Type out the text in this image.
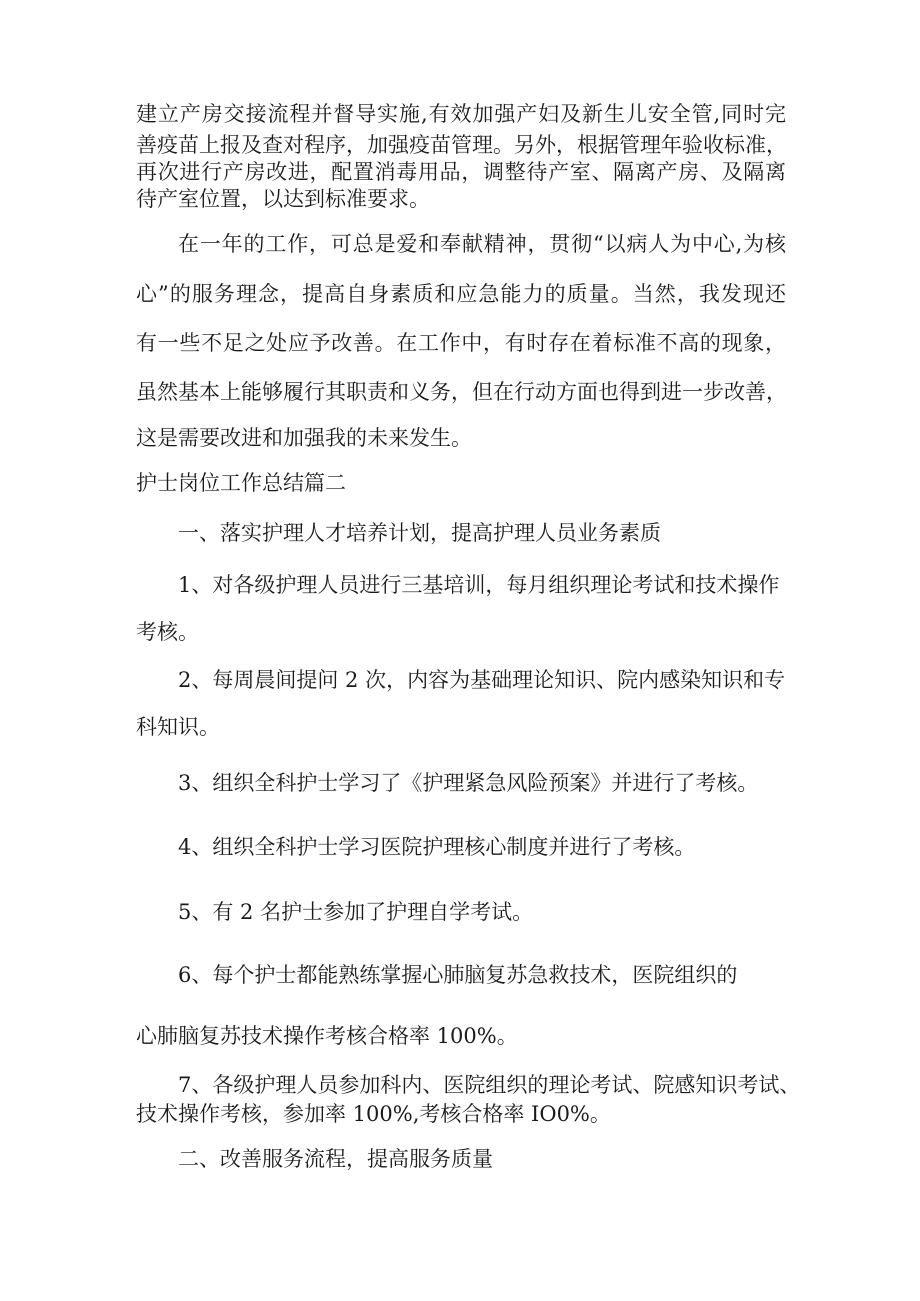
建立产房交接流程并督导实施,有效加强产妇及新生儿安全管,同时完

善疫苗上报及查对程序，加强疫苗管理。另外，根据管理年验收标准，

再次进行产房改进，配置消毒用品，调整待产室、隔离产房、及隔离

待产室位置，以达到标准要求。

在一年的工作，可总是爱和奉献精神，贯彻“以病人为中心,为核

心”的服务理念，提高自身素质和应急能力的质量。当然，我发现还

有一些不足之处应予改善。在工作中，有时存在着标准不高的现象，

虽然基本上能够履行其职责和义务，但在行动方面也得到进一步改善，

这是需要改进和加强我的未来发生。

护士岗位工作总结篇二

一、落实护理人才培养计划，提高护理人员业务素质

1、对各级护理人员进行三基培训，每月组织理论考试和技术操作

考核。

2、每周晨间提问 2 次，内容为基础理论知识、院内感染知识和专

科知识。

3、组织全科护士学习了《护理紧急风险预案》并进行了考核。

4、组织全科护士学习医院护理核心制度并进行了考核。

5、有 2 名护士参加了护理自学考试。

6、每个护士都能熟练掌握心肺脑复苏急救技术，医院组织的

心肺脑复苏技术操作考核合格率 100%。

7、各级护理人员参加科内、医院组织的理论考试、院感知识考试、

技术操作考核，参加率 100%,考核合格率 IO0%。

二、改善服务流程，提高服务质量
